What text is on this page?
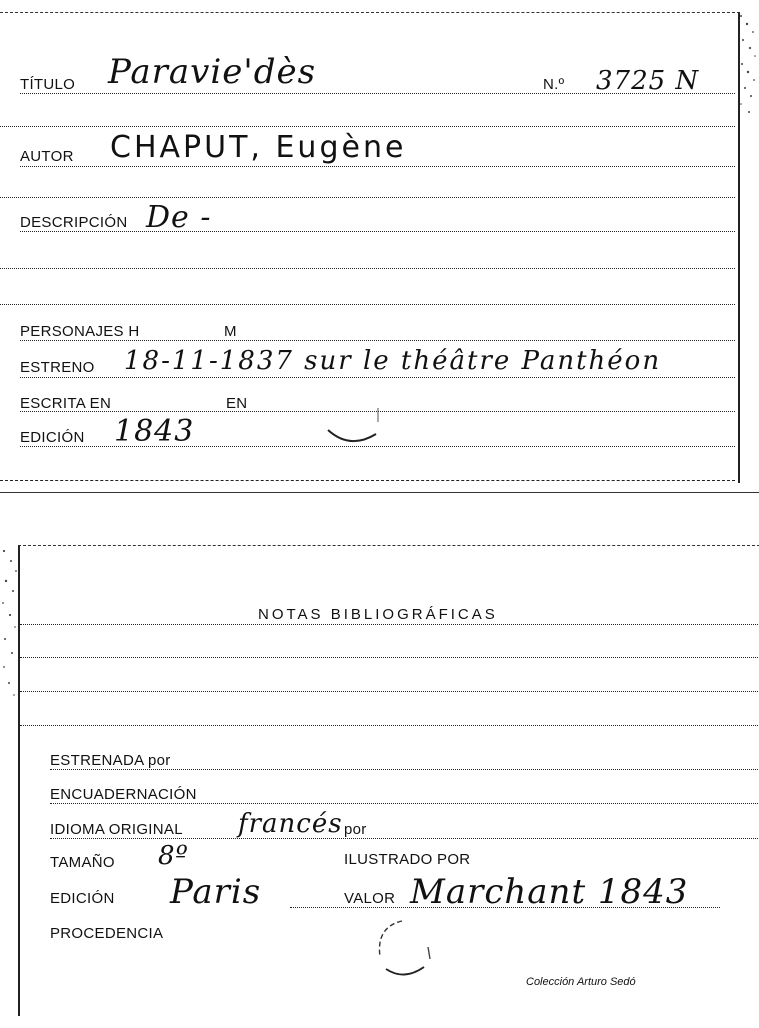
TÍTULO Paravie'dès	N.º 3725 N
AUTOR CHAPUT, Eugène
DESCRIPCIÓN De -
PERSONAJES H	M
ESTRENO 18-11-1837 sur le théâtre Panthéon
ESCRITA EN	EN
EDICIÓN 1843
NOTAS BIBLIOGRÁFICAS
ESTRENADA por
ENCUADERNACIÓN
IDIOMA ORIGINAL francés por
TAMAÑO 8º	ILUSTRADO POR
EDICIÓN Paris	VALOR Marchant 1843
PROCEDENCIA
Colección Arturo Sedó
